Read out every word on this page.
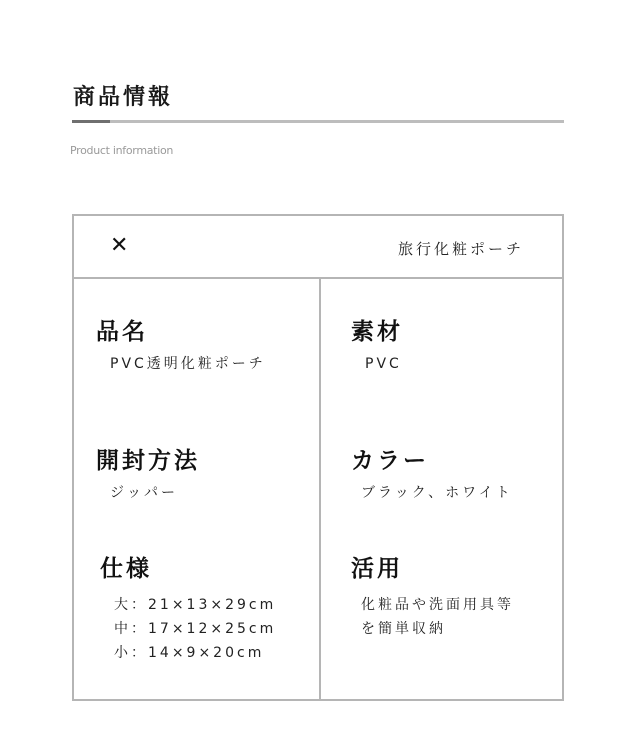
商品情報
Product information
✕	旅行化粧ポーチ
品名
PVC透明化粧ポーチ
素材
PVC
開封方法
ジッパー
カラー
ブラック、ホワイト
仕様
大：21×13×29cm
中：17×12×25cm
小：14×9×20cm
活用
化粧品や洗面用具等
を簡単収納
